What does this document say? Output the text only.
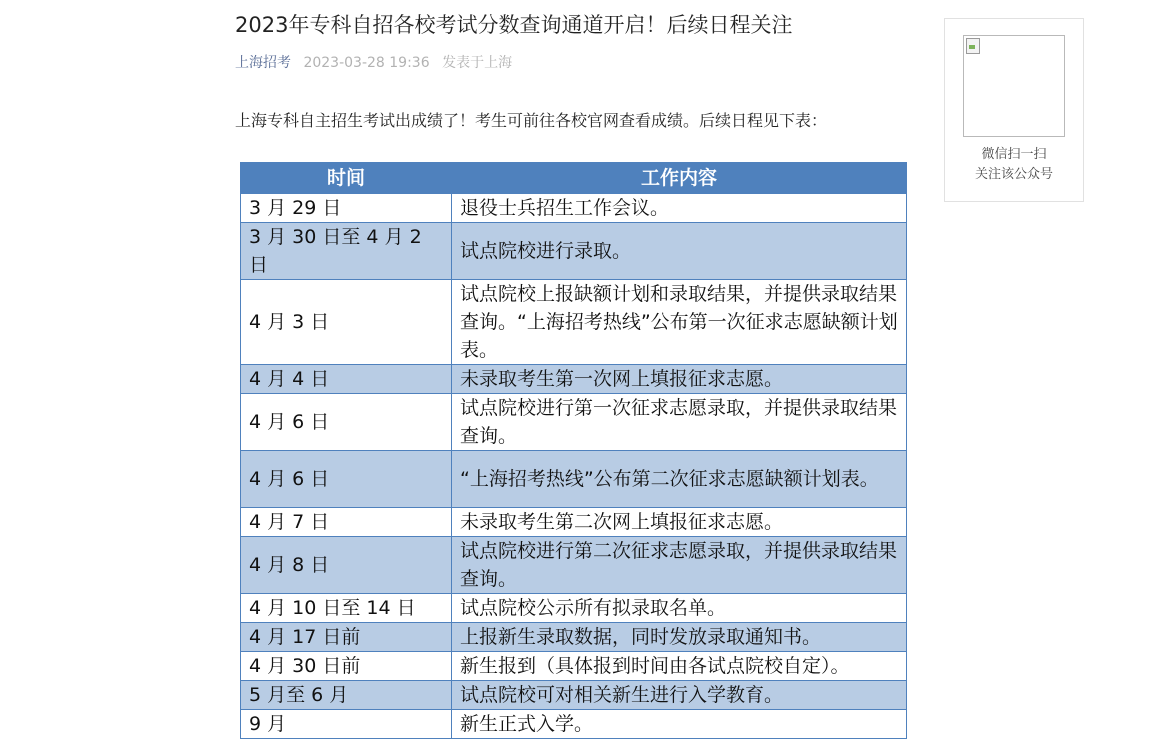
2023年专科自招各校考试分数查询通道开启！后续日程关注
上海招考 2023-03-28 19:36 发表于上海
上海专科自主招生考试出成绩了！考生可前往各校官网查看成绩。后续日程见下表：
时间	工作内容
3 月 29 日	退役士兵招生工作会议。
3 月 30 日至 4 月 2 日	试点院校进行录取。
4 月 3 日	试点院校上报缺额计划和录取结果，并提供录取结果查询。“上海招考热线”公布第一次征求志愿缺额计划表。
4 月 4 日	未录取考生第一次网上填报征求志愿。
4 月 6 日	试点院校进行第一次征求志愿录取，并提供录取结果查询。
4 月 6 日	“上海招考热线”公布第二次征求志愿缺额计划表。
4 月 7 日	未录取考生第二次网上填报征求志愿。
4 月 8 日	试点院校进行第二次征求志愿录取，并提供录取结果查询。
4 月 10 日至 14 日	试点院校公示所有拟录取名单。
4 月 17 日前	上报新生录取数据，同时发放录取通知书。
4 月 30 日前	新生报到（具体报到时间由各试点院校自定）。
5 月至 6 月	试点院校可对相关新生进行入学教育。
9 月	新生正式入学。
微信扫一扫
关注该公众号
